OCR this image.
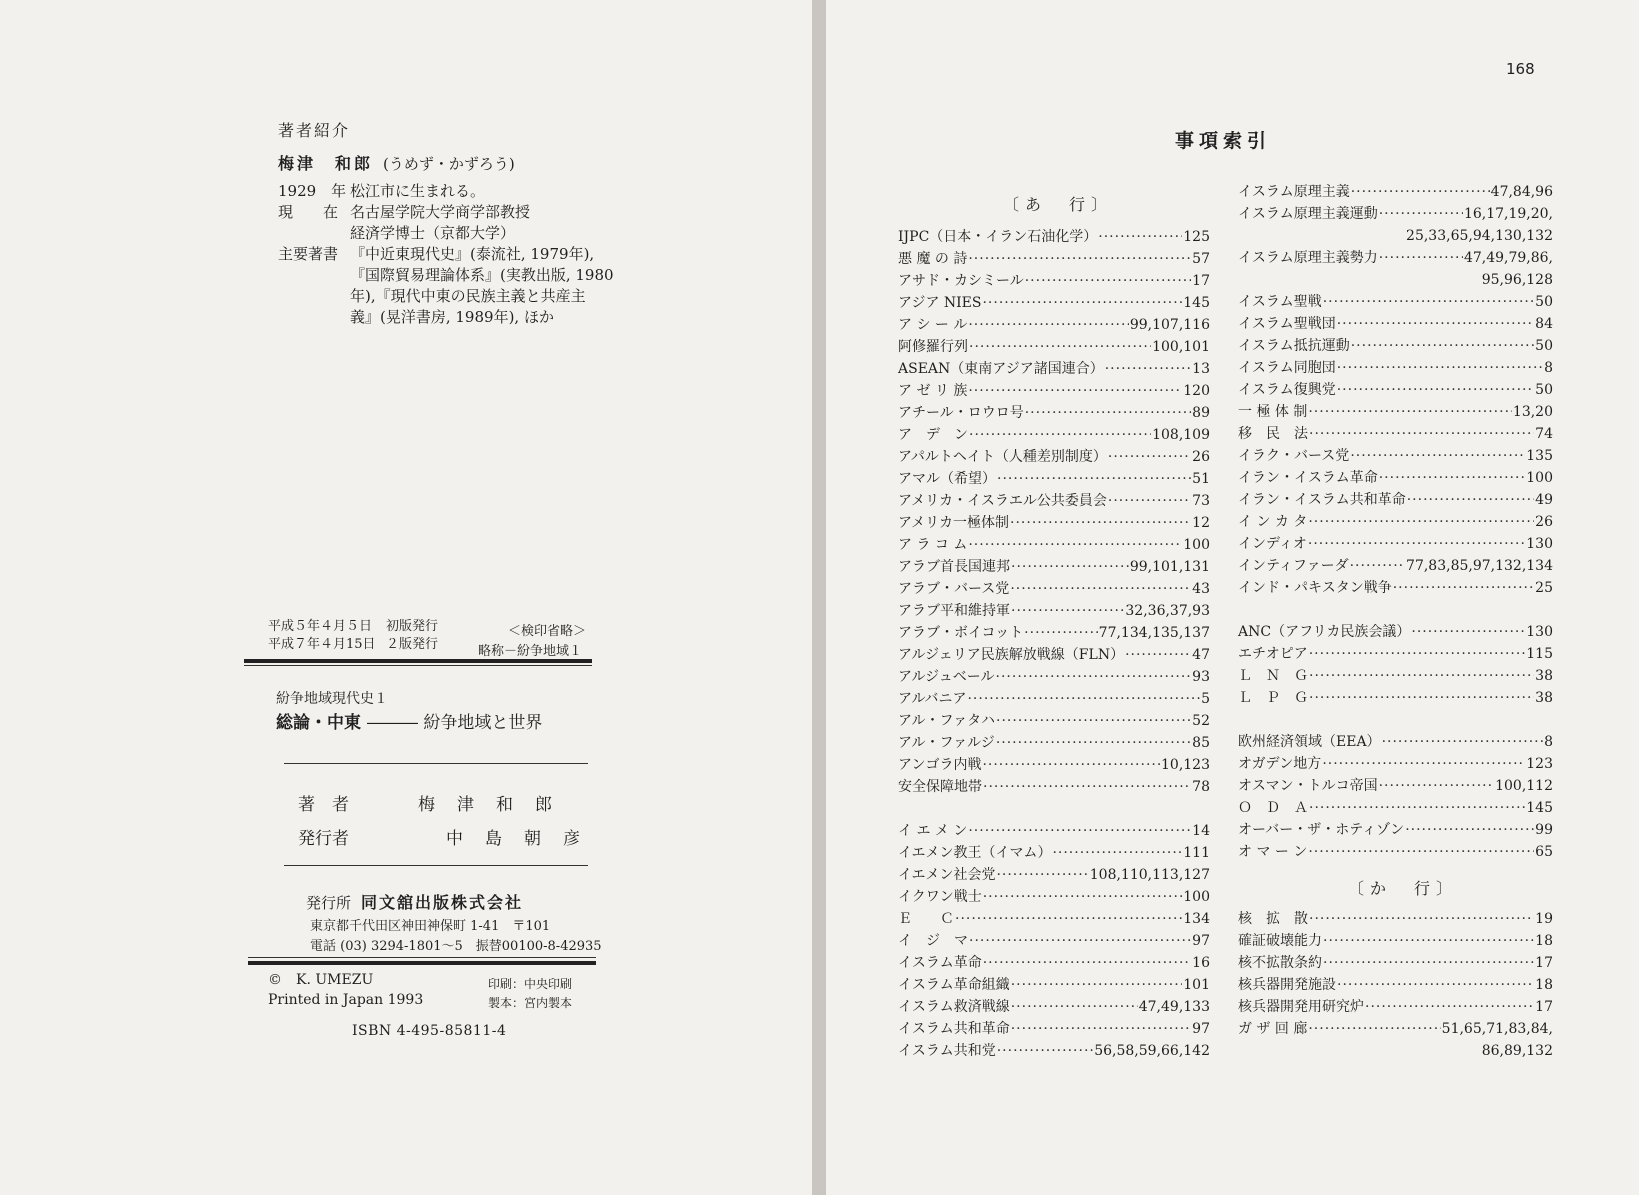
著者紹介
梅津　和郎 (うめず・かずろう)
1929　年 松江市に生まれる。
現　　在 名古屋学院大学商学部教授
経済学博士（京都大学）
主要著書 『中近東現代史』(泰流社, 1979年),
『国際貿易理論体系』(実教出版, 1980
年),『現代中東の民族主義と共産主
義』(晃洋書房, 1989年), ほか
平成５年４月５日	初版発行
平成７年４月15日 ２版発行
＜検印省略＞
略称－紛争地域１
紛争地域現代史１
総論・中東 ――― 紛争地域と世界
著　者	梅津和郎
発行者	中島朝彦
発行所 同文舘出版株式会社
東京都千代田区神田神保町 1-41　〒101
電話 (03) 3294-1801～5　振替00100-8-42935
©　K. UMEZU
Printed in Japan 1993
印刷：中央印刷
製本：宮内製本
ISBN 4-495-85811-4
168
事項索引
〔あ　行〕
IJPC（日本・イラン石油化学） ·····	125
悪 魔 の 詩 ·····	57
アサド・カシミール ·····	17
アジア NIES ·····	145
ア シ ー ル ·····	99,107,116
阿修羅行列 ·····	100,101
ASEAN（東南アジア諸国連合） ·····	13
ア ゼ リ 族 ·····	120
アチール・ロウロ号 ·····	89
ア　デ　ン ·····	108,109
アパルトヘイト（人種差別制度） ·····	26
アマル（希望） ·····	51
アメリカ・イスラエル公共委員会 ·····	73
アメリカ一極体制 ·····	12
ア ラ コ ム ·····	100
アラブ首長国連邦 ·····	99,101,131
アラブ・バース党 ·····	43
アラブ平和維持軍 ·····	32,36,37,93
アラブ・ボイコット ·····	77,134,135,137
アルジェリア民族解放戦線（FLN） ·····	47
アルジュベール ·····	93
アルバニア ·····	5
アル・ファタハ ·····	52
アル・ファルジ ·····	85
アンゴラ内戦 ·····	10,123
安全保障地帯 ·····	78
イ エ メ ン ·····	14
イエメン教王（イマム） ·····	111
イエメン社会党 ·····	108,110,113,127
イクワン戦士 ·····	100
Ｅ　　Ｃ ·····	134
イ　ジ　マ ·····	97
イスラム革命 ·····	16
イスラム革命組織 ·····	101
イスラム救済戦線 ·····	47,49,133
イスラム共和革命 ·····	97
イスラム共和党 ·····	56,58,59,66,142
イスラム原理主義 ·····	47,84,96
イスラム原理主義運動 ·····	16,17,19,20,
25,33,65,94,130,132
イスラム原理主義勢力 ·····	47,49,79,86,
95,96,128
イスラム聖戦 ·····	50
イスラム聖戦団 ·····	84
イスラム抵抗運動 ·····	50
イスラム同胞団 ·····	8
イスラム復興党 ·····	50
一 極 体 制 ·····	13,20
移　民　法 ·····	74
イラク・バース党 ·····	135
イラン・イスラム革命 ·····	100
イラン・イスラム共和革命 ·····	49
イ ン カ タ ·····	26
インディオ ·····	130
インティファーダ ·····	77,83,85,97,132,134
インド・パキスタン戦争 ·····	25
ANC（アフリカ民族会議） ·····	130
エチオピア ·····	115
Ｌ　Ｎ　Ｇ ·····	38
Ｌ　Ｐ　Ｇ ·····	38
欧州経済領域（EEA） ·····	8
オガデン地方 ·····	123
オスマン・トルコ帝国 ·····	100,112
Ｏ　Ｄ　Ａ ·····	145
オーバー・ザ・ホティゾン ·····	99
オ マ ー ン ·····	65
〔か　行〕
核　拡　散 ·····	19
確証破壊能力 ·····	18
核不拡散条約 ·····	17
核兵器開発施設 ·····	18
核兵器開発用研究炉 ·····	17
ガ ザ 回 廊 ·····	51,65,71,83,84,
86,89,132
